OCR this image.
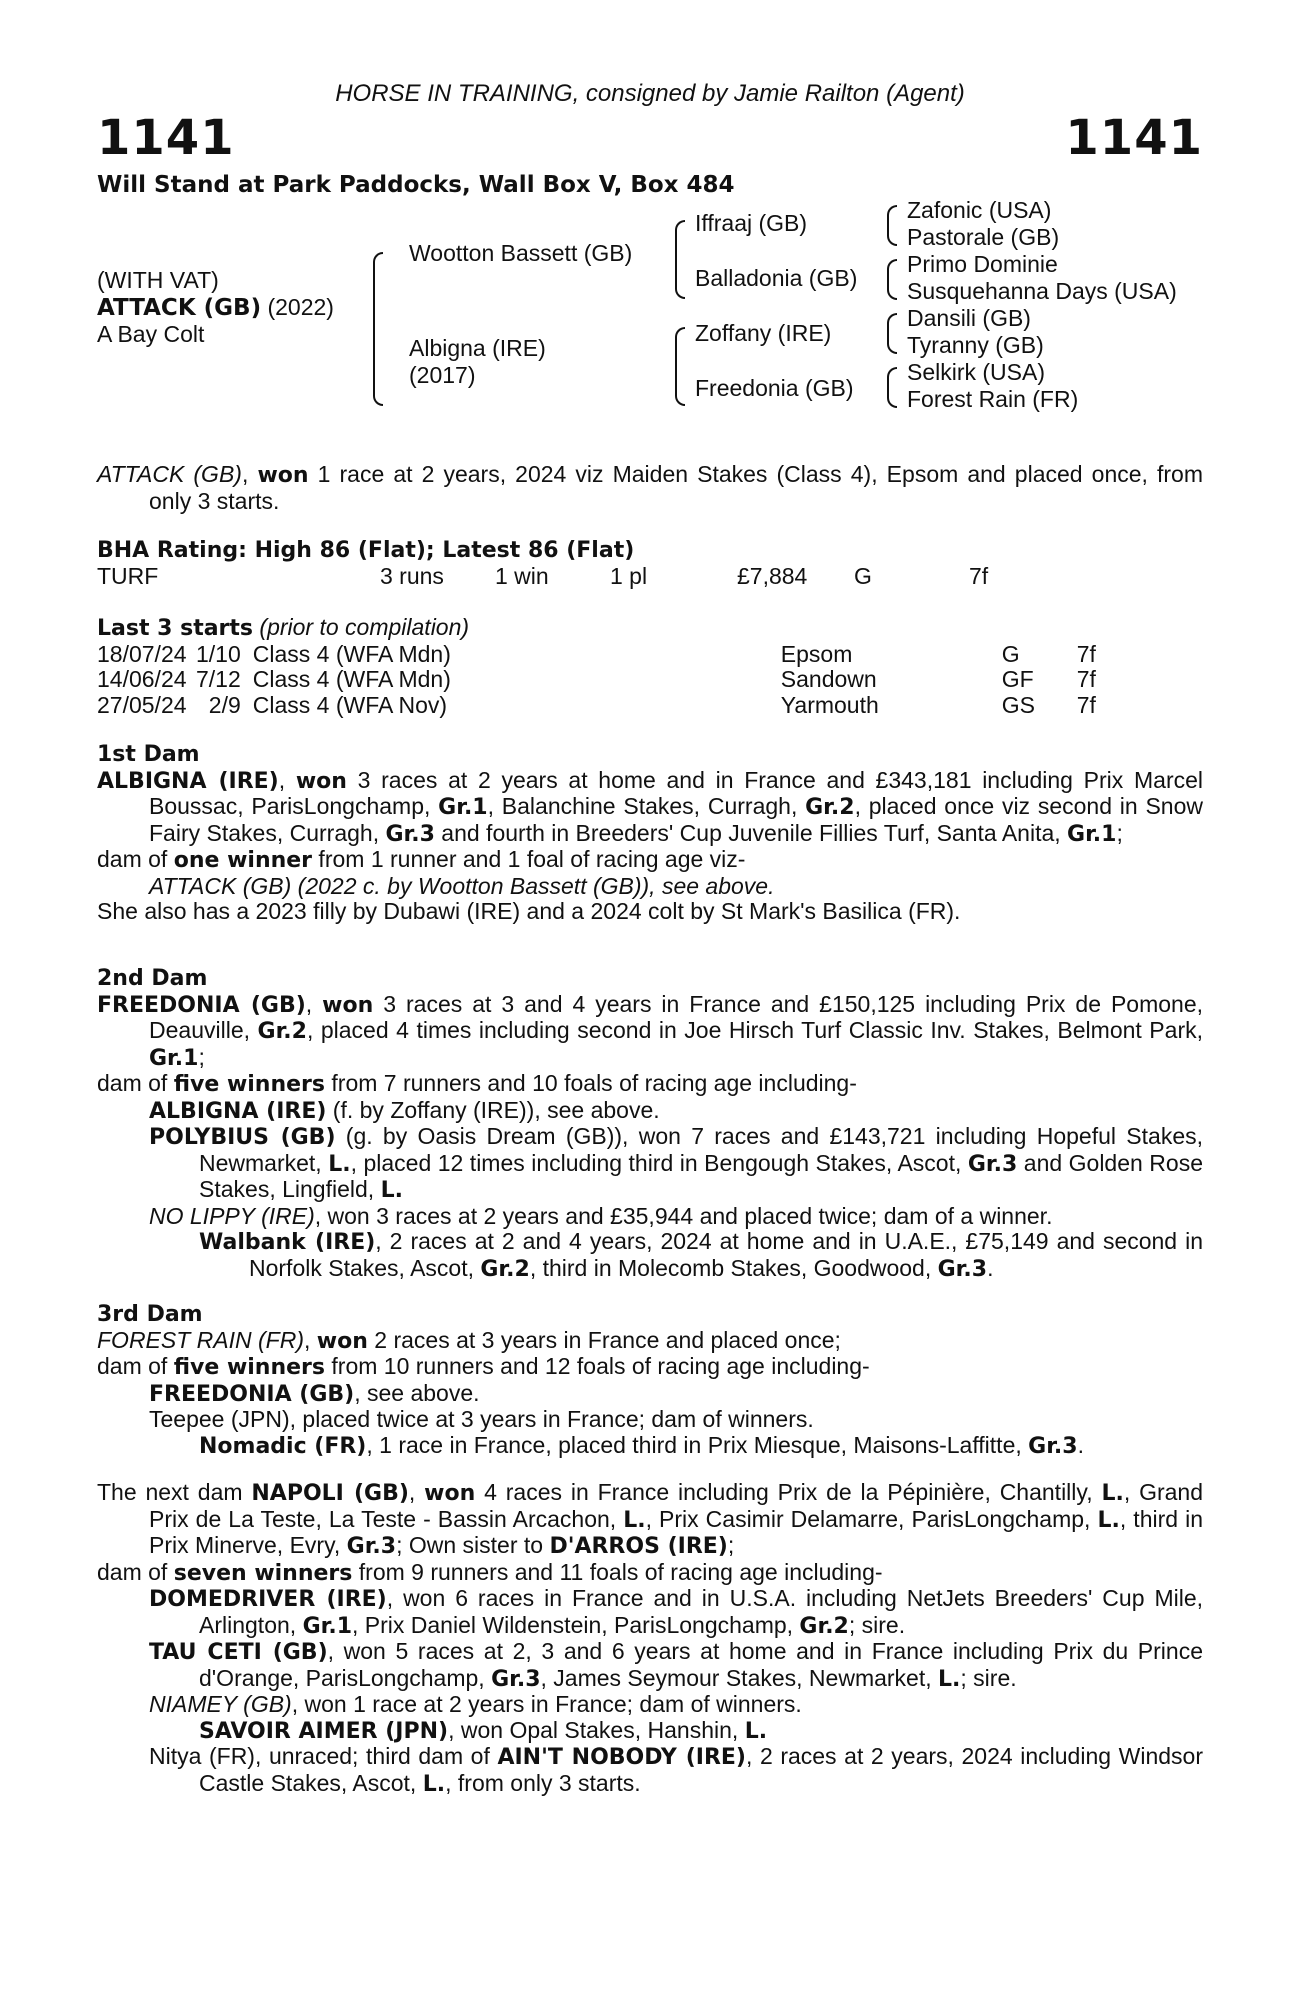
HORSE IN TRAINING, consigned by Jamie Railton (Agent)
1141	1141
Will Stand at Park Paddocks, Wall Box V, Box 484
(WITH VAT)
ATTACK (GB) (2022)
A Bay Colt
Wootton Bassett (GB)
Albigna (IRE)
(2017)
Iffraaj (GB)
Balladonia (GB)
Zoffany (IRE)
Freedonia (GB)
Zafonic (USA)
Pastorale (GB)
Primo Dominie
Susquehanna Days (USA)
Dansili (GB)
Tyranny (GB)
Selkirk (USA)
Forest Rain (FR)

ATTACK (GB), won 1 race at 2 years, 2024 viz Maiden Stakes (Class 4), Epsom and placed once, from only 3 starts.

BHA Rating: High 86 (Flat); Latest 86 (Flat)
TURF	3 runs	1 win	1 pl	£7,884	G	7f
Last 3 starts (prior to compilation)
18/07/24	1/10	Class 4 (WFA Mdn)	Epsom	G	7f
14/06/24	7/12	Class 4 (WFA Mdn)	Sandown	GF	7f
27/05/24	2/9	Class 4 (WFA Nov)	Yarmouth	GS	7f
1st Dam

ALBIGNA (IRE), won 3 races at 2 years at home and in France and £343,181 including Prix Marcel Boussac, ParisLongchamp, Gr.1, Balanchine Stakes, Curragh, Gr.2, placed once viz second in Snow Fairy Stakes, Curragh, Gr.3 and fourth in Breeders' Cup Juvenile Fillies Turf, Santa Anita, Gr.1;

dam of one winner from 1 runner and 1 foal of racing age viz-

ATTACK (GB) (2022 c. by Wootton Bassett (GB)), see above.

She also has a 2023 filly by Dubawi (IRE) and a 2024 colt by St Mark's Basilica (FR).

2nd Dam

FREEDONIA (GB), won 3 races at 3 and 4 years in France and £150,125 including Prix de Pomone, Deauville, Gr.2, placed 4 times including second in Joe Hirsch Turf Classic Inv. Stakes, Belmont Park, Gr.1;

dam of five winners from 7 runners and 10 foals of racing age including-

ALBIGNA (IRE) (f. by Zoffany (IRE)), see above.

POLYBIUS (GB) (g. by Oasis Dream (GB)), won 7 races and £143,721 including Hopeful Stakes, Newmarket, L., placed 12 times including third in Bengough Stakes, Ascot, Gr.3 and Golden Rose Stakes, Lingfield, L.

NO LIPPY (IRE), won 3 races at 2 years and £35,944 and placed twice; dam of a winner.

Walbank (IRE), 2 races at 2 and 4 years, 2024 at home and in U.A.E., £75,149 and second in Norfolk Stakes, Ascot, Gr.2, third in Molecomb Stakes, Goodwood, Gr.3.

3rd Dam

FOREST RAIN (FR), won 2 races at 3 years in France and placed once;

dam of five winners from 10 runners and 12 foals of racing age including-

FREEDONIA (GB), see above.

Teepee (JPN), placed twice at 3 years in France; dam of winners.

Nomadic (FR), 1 race in France, placed third in Prix Miesque, Maisons-Laffitte, Gr.3.

The next dam NAPOLI (GB), won 4 races in France including Prix de la Pépinière, Chantilly, L., Grand Prix de La Teste, La Teste - Bassin Arcachon, L., Prix Casimir Delamarre, ParisLongchamp, L., third in Prix Minerve, Evry, Gr.3; Own sister to D'ARROS (IRE);

dam of seven winners from 9 runners and 11 foals of racing age including-

DOMEDRIVER (IRE), won 6 races in France and in U.S.A. including NetJets Breeders' Cup Mile, Arlington, Gr.1, Prix Daniel Wildenstein, ParisLongchamp, Gr.2; sire.

TAU CETI (GB), won 5 races at 2, 3 and 6 years at home and in France including Prix du Prince d'Orange, ParisLongchamp, Gr.3, James Seymour Stakes, Newmarket, L.; sire.

NIAMEY (GB), won 1 race at 2 years in France; dam of winners.

SAVOIR AIMER (JPN), won Opal Stakes, Hanshin, L.

Nitya (FR), unraced; third dam of AIN'T NOBODY (IRE), 2 races at 2 years, 2024 including Windsor Castle Stakes, Ascot, L., from only 3 starts.
